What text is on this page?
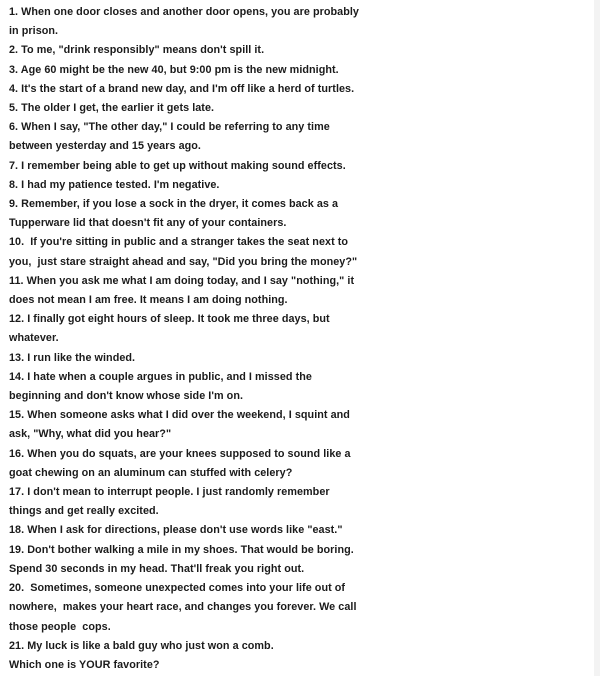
1. When one door closes and another door opens, you are probably
in prison.
2. To me, "drink responsibly" means don't spill it.
3. Age 60 might be the new 40, but 9:00 pm is the new midnight.
4. It's the start of a brand new day, and I'm off like a herd of turtles.
5. The older I get, the earlier it gets late.
6. When I say, "The other day," I could be referring to any time
between yesterday and 15 years ago.
7. I remember being able to get up without making sound effects.
8. I had my patience tested. I'm negative.
9. Remember, if you lose a sock in the dryer, it comes back as a
Tupperware lid that doesn't fit any of your containers.
10.  If you're sitting in public and a stranger takes the seat next to
you,  just stare straight ahead and say, "Did you bring the money?"
11. When you ask me what I am doing today, and I say "nothing," it
does not mean I am free. It means I am doing nothing.
12. I finally got eight hours of sleep. It took me three days, but
whatever.
13. I run like the winded.
14. I hate when a couple argues in public, and I missed the
beginning and don't know whose side I'm on.
15. When someone asks what I did over the weekend, I squint and
ask, "Why, what did you hear?"
16. When you do squats, are your knees supposed to sound like a
goat chewing on an aluminum can stuffed with celery?
17. I don't mean to interrupt people. I just randomly remember
things and get really excited.
18. When I ask for directions, please don't use words like "east."
19. Don't bother walking a mile in my shoes. That would be boring.
Spend 30 seconds in my head. That'll freak you right out.
20.  Sometimes, someone unexpected comes into your life out of
nowhere,  makes your heart race, and changes you forever. We call
those people  cops.
21. My luck is like a bald guy who just won a comb.
Which one is YOUR favorite?
